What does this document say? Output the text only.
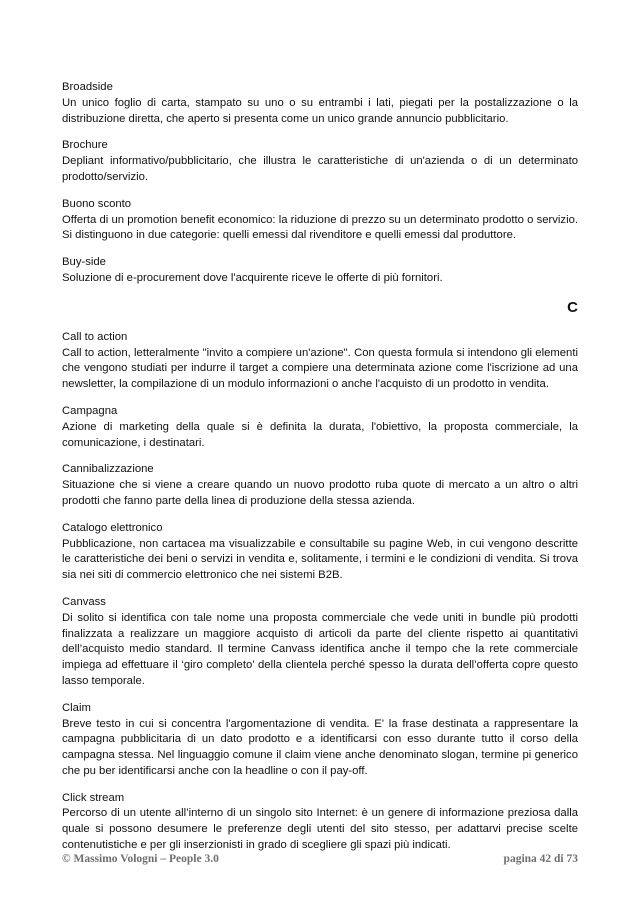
Broadside
Un unico foglio di carta, stampato su uno o su entrambi i lati, piegati per la postalizzazione o la distribuzione diretta, che aperto si presenta come un unico grande annuncio pubblicitario.
Brochure
Depliant informativo/pubblicitario, che illustra le caratteristiche di un'azienda o di un determinato prodotto/servizio.
Buono sconto
Offerta di un promotion benefit economico: la riduzione di prezzo su un determinato prodotto o servizio. Si distinguono in due categorie: quelli emessi dal rivenditore e quelli emessi dal produttore.
Buy-side
Soluzione di e-procurement dove l'acquirente riceve le offerte di più fornitori.
C
Call to action
Call to action, letteralmente "invito a compiere un'azione". Con questa formula si intendono gli elementi che vengono studiati per indurre il target a compiere una determinata azione come l'iscrizione ad una newsletter, la compilazione di un modulo informazioni o anche l'acquisto di un prodotto in vendita.
Campagna
Azione di marketing della quale si è definita la durata, l'obiettivo, la proposta commerciale, la comunicazione, i destinatari.
Cannibalizzazione
Situazione che si viene a creare quando un nuovo prodotto ruba quote di mercato a un altro o altri prodotti che fanno parte della linea di produzione della stessa azienda.
Catalogo elettronico
Pubblicazione, non cartacea ma visualizzabile e consultabile su pagine Web, in cui vengono descritte le caratteristiche dei beni o servizi in vendita e, solitamente, i termini e le condizioni di vendita. Si trova sia nei siti di commercio elettronico che nei sistemi B2B.
Canvass
Di solito si identifica con tale nome una proposta commerciale che vede uniti in bundle più prodotti finalizzata a realizzare un maggiore acquisto di articoli da parte del cliente rispetto ai quantitativi dell’acquisto medio standard. Il termine Canvass identifica anche il tempo che la rete commerciale impiega ad effettuare il ‘giro completo’ della clientela perché spesso la durata dell’offerta copre questo lasso temporale.
Claim
Breve testo in cui si concentra l'argomentazione di vendita. E' la frase destinata a rappresentare la campagna pubblicitaria di un dato prodotto e a identificarsi con esso durante tutto il corso della campagna stessa. Nel linguaggio comune il claim viene anche denominato slogan, termine pi generico che pu ber identificarsi anche con la headline o con il pay-off.
Click stream
Percorso di un utente all’interno di un singolo sito Internet: è un genere di informazione preziosa dalla quale si possono desumere le preferenze degli utenti del sito stesso, per adattarvi precise scelte contenutistiche e per gli inserzionisti in grado di scegliere gli spazi più indicati.
© Massimo Vologni – People 3.0	pagina 42 di 73
